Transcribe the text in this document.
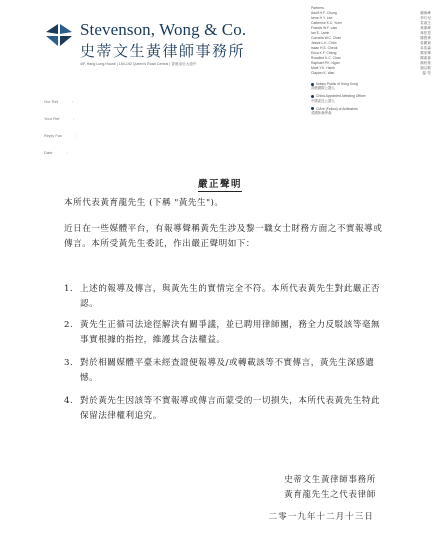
Stevenson, Wong & Co.
史蒂文生黃律師事務所
4/F, Hang Lung House | 184-192 Queen's Road Central | 香港皇后大道中
Partners
Adolf H.F. Chung	鍾海峰
Irene H.Y. Lee	李巧兒
Catherine K.C. Yuen	袁淑芝
Francis W.F. Lam	林偉峰
Ian E. Lamb	林依恩
Cornelia W.C. Chan	陳慧珍
Jessie L.K. Chim	詹麗琼
Isaac H.S. Cheuk	卓浩森
Erica K.F. Cheng	鄭家輝
Rosalind K.C. Chan	陳嘉蓉
Raphael P.K. Ngan	顏柏基
Mark Y.K. Hsieh	謝以勤
Clayton K. Wan	溫 啓
Notary Public of Hong Kong
香港國際公證人
China Appointed Attesting Officer
中國委託公證人
CIArb (Fellow) of Arbitrators
英國仲裁學會
Our Ref	:
Your Ref	:
Reply Fax	:
Date	:
嚴正聲明
本所代表黃育龍先生 (下稱 "黃先生")。
近日在一些媒體平台，有報導聲稱黃先生涉及黎一職女士財務方面之不實報導或傳言。本所受黃先生委託，作出嚴正聲明如下：
1. 上述的報導及傳言，與黃先生的實情完全不符。本所代表黃先生對此嚴正否認。
2. 黃先生正循司法途徑解決有關爭議，並已聘用律師團，務全力反駁該等毫無事實根據的指控，維護其合法權益。
3. 對於相關媒體平臺未經查證便報導及/或轉載該等不實傳言，黃先生深感遺憾。
4. 對於黃先生因該等不實報導或傳言而蒙受的一切損失，本所代表黃先生特此保留法律權利追究。
史蒂文生黃律師事務所
黃育龍先生之代表律師
二零一九年十二月十三日
